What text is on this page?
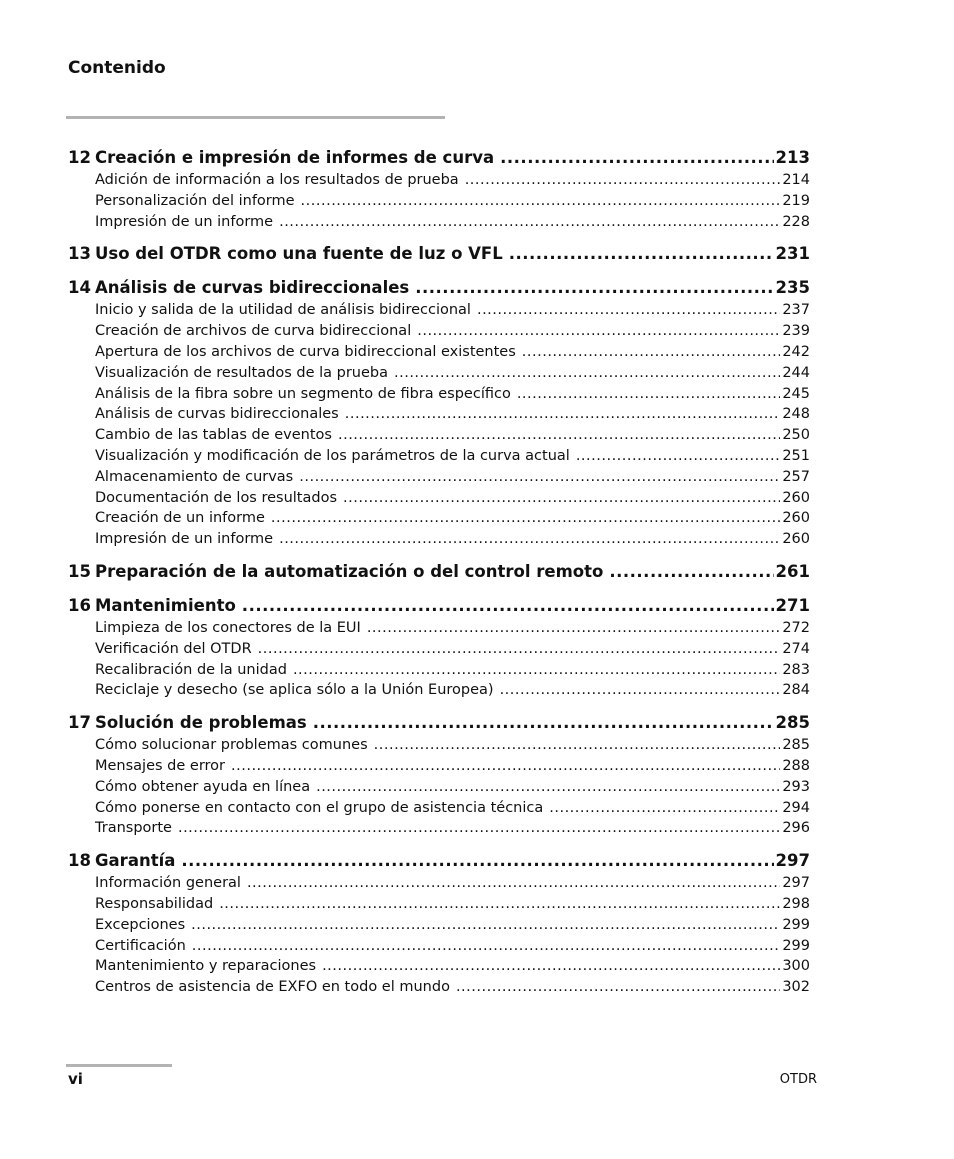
Contenido
12 Creación e impresión de informes de curva .....	213
Adición de información a los resultados de prueba .....	214
Personalización del informe .....	219
Impresión de un informe .....	228
13 Uso del OTDR como una fuente de luz o VFL .....	231
14 Análisis de curvas bidireccionales .....	235
Inicio y salida de la utilidad de análisis bidireccional .....	237
Creación de archivos de curva bidireccional .....	239
Apertura de los archivos de curva bidireccional existentes .....	242
Visualización de resultados de la prueba .....	244
Análisis de la fibra sobre un segmento de fibra específico .....	245
Análisis de curvas bidireccionales .....	248
Cambio de las tablas de eventos .....	250
Visualización y modificación de los parámetros de la curva actual .....	251
Almacenamiento de curvas .....	257
Documentación de los resultados .....	260
Creación de un informe .....	260
Impresión de un informe .....	260
15 Preparación de la automatización o del control remoto .....	261
16 Mantenimiento .....	271
Limpieza de los conectores de la EUI .....	272
Verificación del OTDR .....	274
Recalibración de la unidad .....	283
Reciclaje y desecho (se aplica sólo a la Unión Europea) .....	284
17 Solución de problemas .....	285
Cómo solucionar problemas comunes .....	285
Mensajes de error .....	288
Cómo obtener ayuda en línea .....	293
Cómo ponerse en contacto con el grupo de asistencia técnica .....	294
Transporte .....	296
18 Garantía .....	297
Información general .....	297
Responsabilidad .....	298
Excepciones .....	299
Certificación .....	299
Mantenimiento y reparaciones .....	300
Centros de asistencia de EXFO en todo el mundo .....	302
vi	OTDR
